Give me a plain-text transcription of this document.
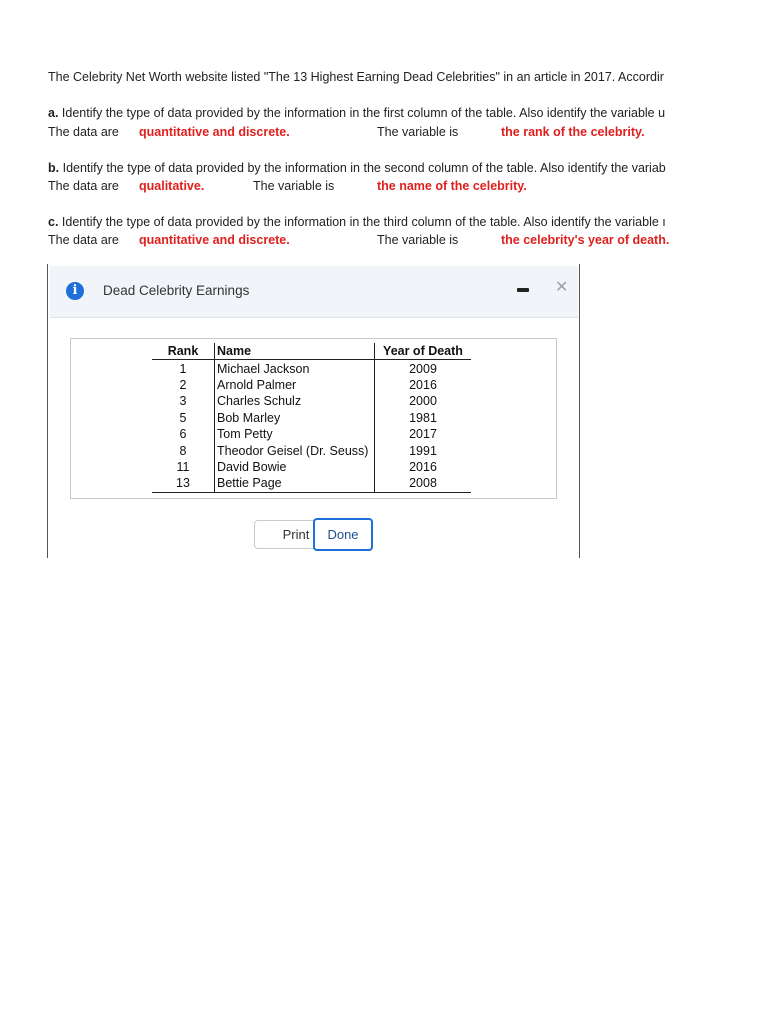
The Celebrity Net Worth website listed "The 13 Highest Earning Dead Celebrities" in an article in 2017. Accordir
a. Identify the type of data provided by the information in the first column of the table. Also identify the variable u
The data are quantitative and discrete.	The variable is	the rank of the celebrity.
b. Identify the type of data provided by the information in the second column of the table. Also identify the variab
The data are qualitative.	The variable is	the name of the celebrity.
c. Identify the type of data provided by the information in the third column of the table. Also identify the variable ı
The data are quantitative and discrete.	The variable is	the celebrity's year of death.
i	Dead Celebrity Earnings	✕
Rank	Name	Year of Death
1	Michael Jackson	2009
2	Arnold Palmer	2016
3	Charles Schulz	2000
5	Bob Marley	1981
6	Tom Petty	2017
8	Theodor Geisel (Dr. Seuss)	1991
11	David Bowie	2016
13	Bettie Page	2008
Print	Done
